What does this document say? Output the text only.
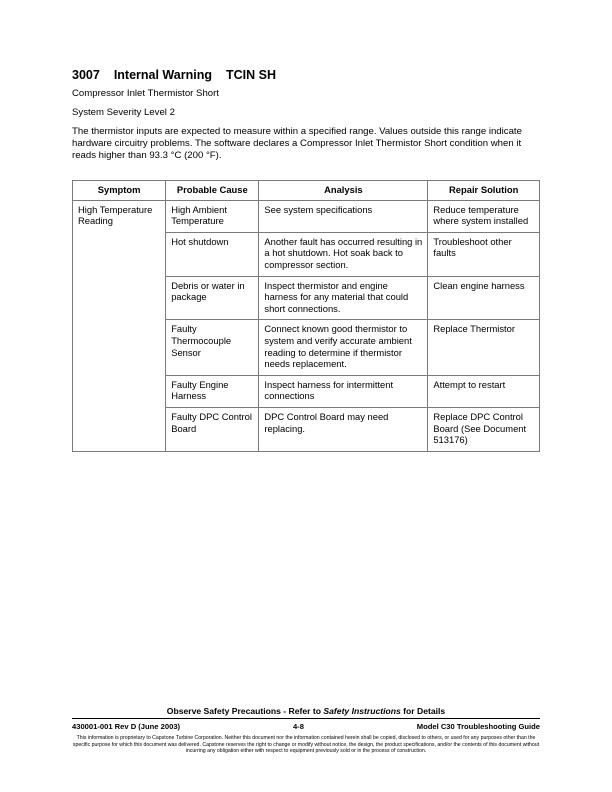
3007 Internal Warning TCIN SH

Compressor Inlet Thermistor Short

System Severity Level 2

The thermistor inputs are expected to measure within a specified range. Values outside this range indicate hardware circuitry problems. The software declares a Compressor Inlet Thermistor Short condition when it reads higher than 93.3 °C (200 °F).

Symptom	Probable Cause	Analysis	Repair Solution
High Temperature Reading	High Ambient Temperature	See system specifications	Reduce temperature where system installed
	Hot shutdown	Another fault has occurred resulting in a hot shutdown. Hot soak back to compressor section.	Troubleshoot other faults
	Debris or water in package	Inspect thermistor and engine harness for any material that could short connections.	Clean engine harness
	Faulty Thermocouple Sensor	Connect known good thermistor to system and verify accurate ambient reading to determine if thermistor needs replacement.	Replace Thermistor
	Faulty Engine Harness	Inspect harness for intermittent connections	Attempt to restart
	Faulty DPC Control Board	DPC Control Board may need replacing.	Replace DPC Control Board (See Document 513176)
Observe Safety Precautions - Refer to Safety Instructions for Details
430001-001 Rev D (June 2003)	4-8	Model C30 Troubleshooting Guide
This information is proprietary to Capstone Turbine Corporation. Neither this document nor the information contained herein shall be copied, disclosed to others, or used for any purposes other than the specific purpose for which this document was delivered. Capstone reserves the right to change or modify without notice, the design, the product specifications, and/or the contents of this document without incurring any obligation either with respect to equipment previously sold or in the process of construction.
